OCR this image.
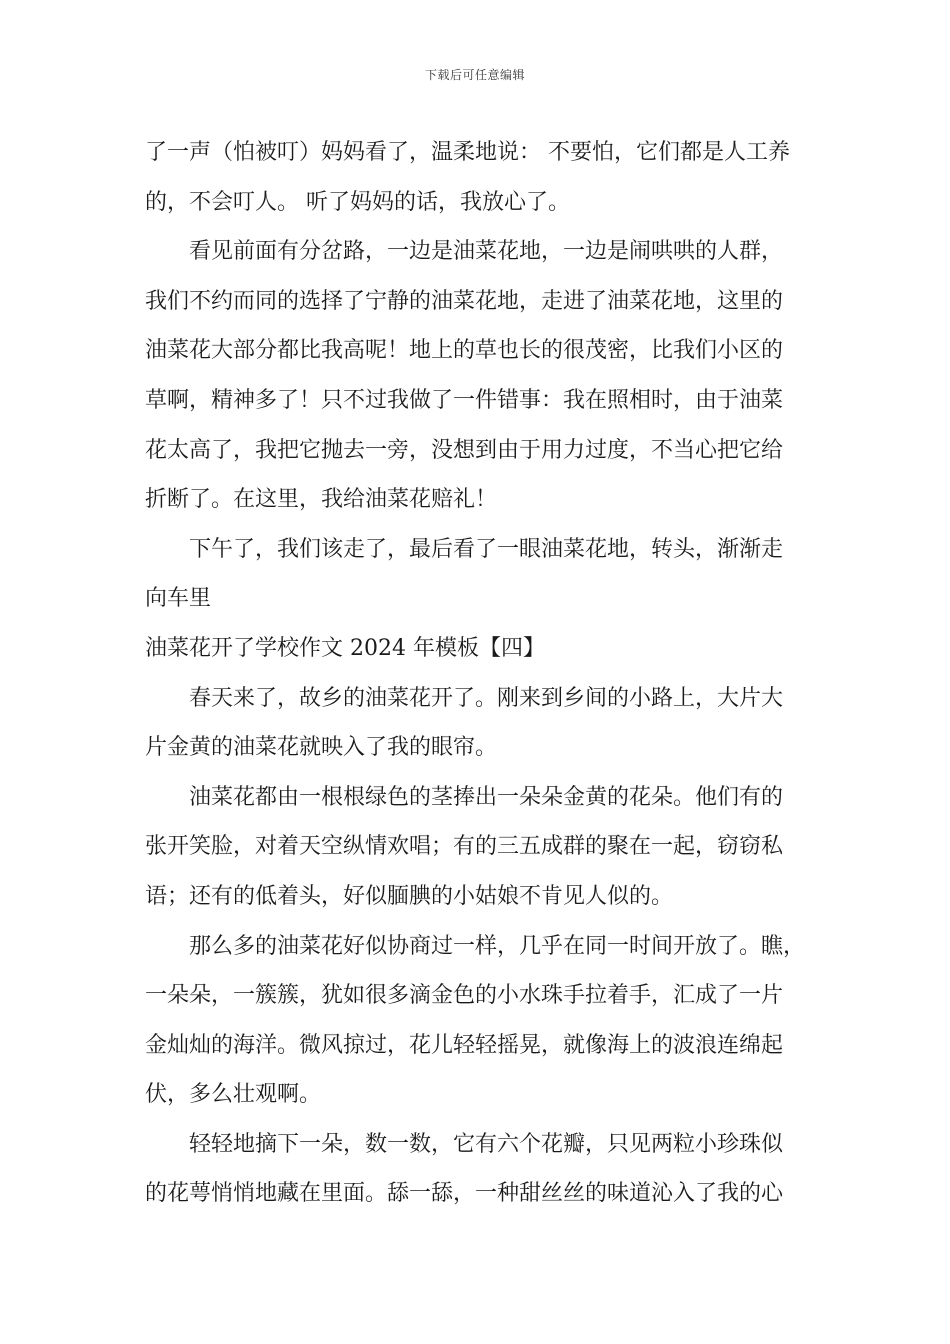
下载后可任意编辑
了一声（怕被叮）妈妈看了，温柔地说： 不要怕，它们都是人工养
的，不会叮人。 听了妈妈的话，我放心了。
看见前面有分岔路，一边是油菜花地，一边是闹哄哄的人群，
我们不约而同的选择了宁静的油菜花地，走进了油菜花地，这里的
油菜花大部分都比我高呢！地上的草也长的很茂密，比我们小区的
草啊，精神多了！只不过我做了一件错事：我在照相时，由于油菜
花太高了，我把它抛去一旁，没想到由于用力过度，不当心把它给
折断了。在这里，我给油菜花赔礼！
下午了，我们该走了，最后看了一眼油菜花地，转头，渐渐走
向车里
油菜花开了学校作文 2024 年模板【四】
春天来了，故乡的油菜花开了。刚来到乡间的小路上，大片大
片金黄的油菜花就映入了我的眼帘。
油菜花都由一根根绿色的茎捧出一朵朵金黄的花朵。他们有的
张开笑脸，对着天空纵情欢唱；有的三五成群的聚在一起，窃窃私
语；还有的低着头，好似腼腆的小姑娘不肯见人似的。
那么多的油菜花好似协商过一样，几乎在同一时间开放了。瞧，
一朵朵，一簇簇，犹如很多滴金色的小水珠手拉着手，汇成了一片
金灿灿的海洋。微风掠过，花儿轻轻摇晃，就像海上的波浪连绵起
伏，多么壮观啊。
轻轻地摘下一朵，数一数，它有六个花瓣，只见两粒小珍珠似
的花萼悄悄地藏在里面。舔一舔，一种甜丝丝的味道沁入了我的心
